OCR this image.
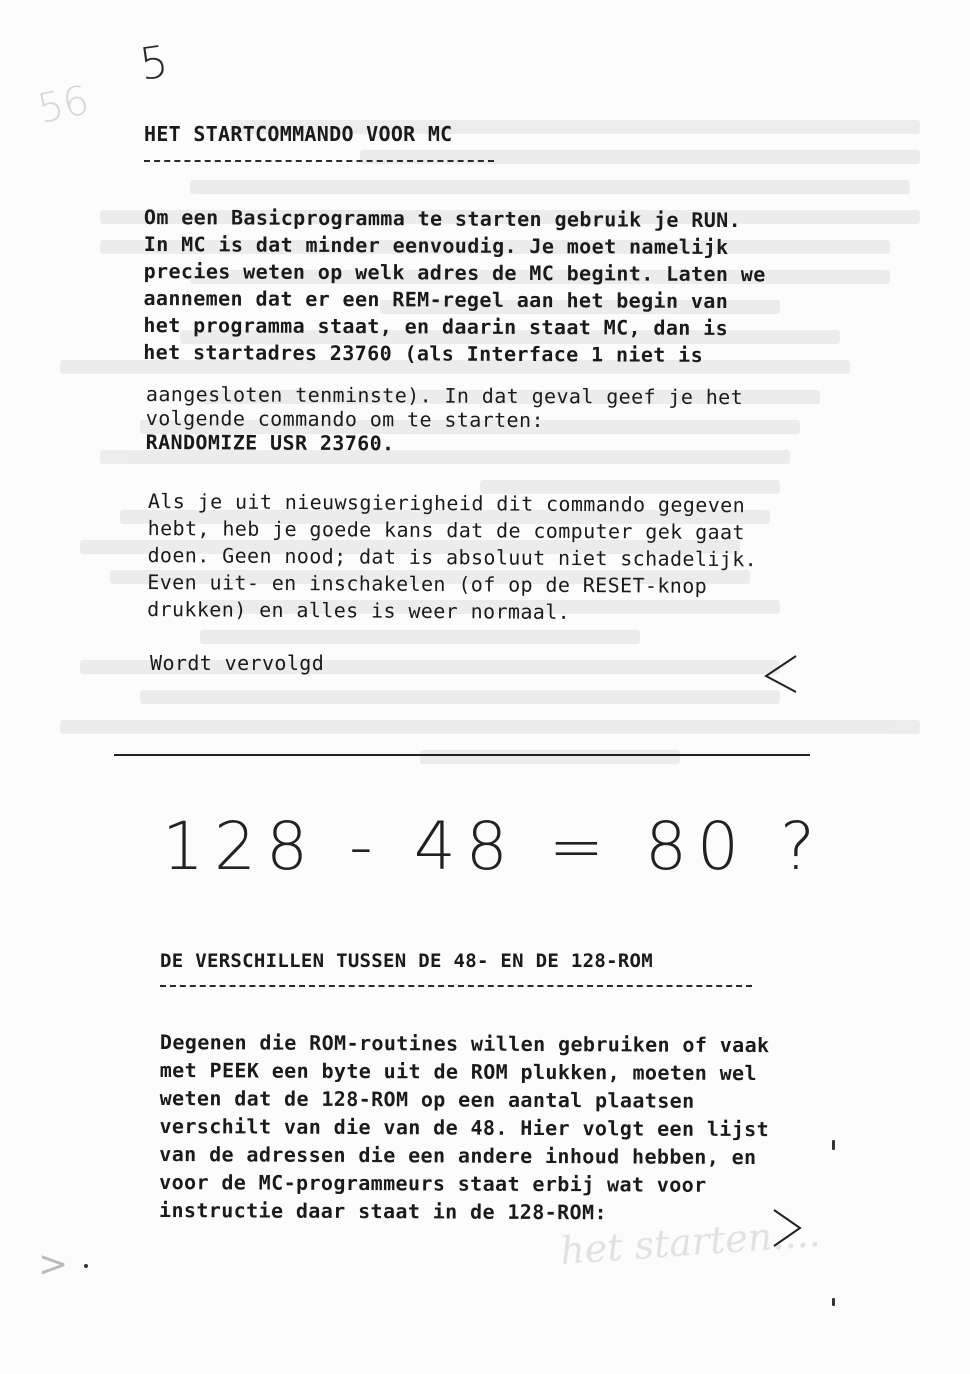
56
5
HET STARTCOMMANDO VOOR MC
Om een Basicprogramma te starten gebruik je RUN.
In MC is dat minder eenvoudig. Je moet namelijk
precies weten op welk adres de MC begint. Laten we
aannemen dat er een REM-regel aan het begin van
het programma staat, en daarin staat MC, dan is
het startadres 23760 (als Interface 1 niet is
aangesloten tenminste). In dat geval geef je het
volgende commando om te starten:
RANDOMIZE USR 23760.
Als je uit nieuwsgierigheid dit commando gegeven
hebt, heb je goede kans dat de computer gek gaat
doen. Geen nood; dat is absoluut niet schadelijk.
Even uit- en inschakelen (of op de RESET-knop
drukken) en alles is weer normaal.
Wordt vervolgd
128 - 48 = 80 ?
DE VERSCHILLEN TUSSEN DE 48- EN DE 128-ROM
Degenen die ROM-routines willen gebruiken of vaak
met PEEK een byte uit de ROM plukken, moeten wel
weten dat de 128-ROM op een aantal plaatsen
verschilt van die van de 48. Hier volgt een lijst
van de adressen die een andere inhoud hebben, en
voor de MC-programmeurs staat erbij wat voor
instructie daar staat in de 128-ROM:
het starten....
>
